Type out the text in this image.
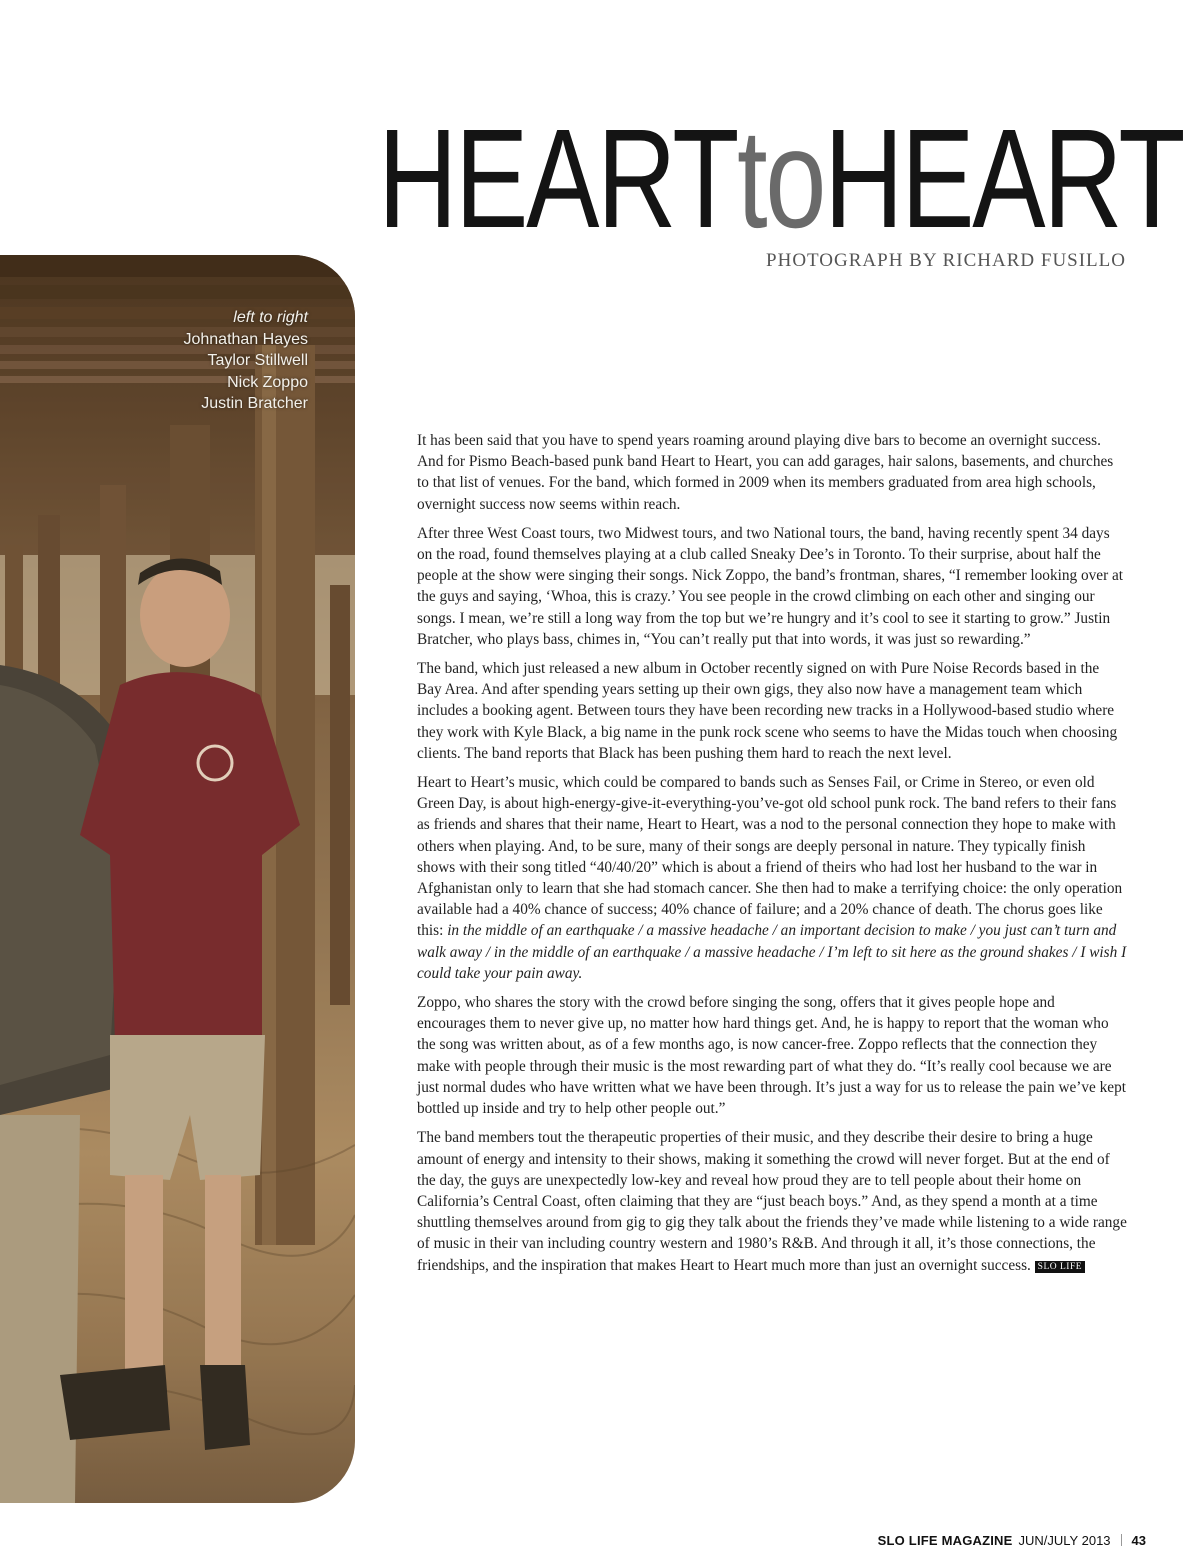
HEARTtoHEART
PHOTOGRAPH BY RICHARD FUSILLO
left to right
Johnathan Hayes
Taylor Stillwell
Nick Zoppo
Justin Bratcher

It has been said that you have to spend years roaming around playing dive bars to become an overnight success. And for Pismo Beach-based punk band Heart to Heart, you can add garages, hair salons, basements, and churches to that list of venues. For the band, which formed in 2009 when its members graduated from area high schools, overnight success now seems within reach.

After three West Coast tours, two Midwest tours, and two National tours, the band, having recently spent 34 days on the road, found themselves playing at a club called Sneaky Dee’s in Toronto. To their surprise, about half the people at the show were singing their songs. Nick Zoppo, the band’s frontman, shares, “I remember looking over at the guys and saying, ‘Whoa, this is crazy.’ You see people in the crowd climbing on each other and singing our songs. I mean, we’re still a long way from the top but we’re hungry and it’s cool to see it starting to grow.” Justin Bratcher, who plays bass, chimes in, “You can’t really put that into words, it was just so rewarding.”

The band, which just released a new album in October recently signed on with Pure Noise Records based in the Bay Area. And after spending years setting up their own gigs, they also now have a management team which includes a booking agent. Between tours they have been recording new tracks in a Hollywood-based studio where they work with Kyle Black, a big name in the punk rock scene who seems to have the Midas touch when choosing clients. The band reports that Black has been pushing them hard to reach the next level.

Heart to Heart’s music, which could be compared to bands such as Senses Fail, or Crime in Stereo, or even old Green Day, is about high-energy-give-it-everything-you’ve-got old school punk rock. The band refers to their fans as friends and shares that their name, Heart to Heart, was a nod to the personal connection they hope to make with others when playing. And, to be sure, many of their songs are deeply personal in nature. They typically finish shows with their song titled “40/40/20” which is about a friend of theirs who had lost her husband to the war in Afghanistan only to learn that she had stomach cancer. She then had to make a terrifying choice: the only operation available had a 40% chance of success; 40% chance of failure; and a 20% chance of death. The chorus goes like this: in the middle of an earthquake / a massive headache / an important decision to make / you just can’t turn and walk away / in the middle of an earthquake / a massive headache / I’m left to sit here as the ground shakes / I wish I could take your pain away.

Zoppo, who shares the story with the crowd before singing the song, offers that it gives people hope and encourages them to never give up, no matter how hard things get. And, he is happy to report that the woman who the song was written about, as of a few months ago, is now cancer-free. Zoppo reflects that the connection they make with people through their music is the most rewarding part of what they do. “It’s really cool because we are just normal dudes who have written what we have been through. It’s just a way for us to release the pain we’ve kept bottled up inside and try to help other people out.”

The band members tout the therapeutic properties of their music, and they describe their desire to bring a huge amount of energy and intensity to their shows, making it something the crowd will never forget. But at the end of the day, the guys are unexpectedly low-key and reveal how proud they are to tell people about their home on California’s Central Coast, often claiming that they are “just beach boys.” And, as they spend a month at a time shuttling themselves around from gig to gig they talk about the friends they’ve made while listening to a wide range of music in their van including country western and 1980’s R&B. And through it all, it’s those connections, the friendships, and the inspiration that makes Heart to Heart much more than just an overnight success. SLO LIFE

SLO LIFE MAGAZINE JUN/JULY 2013 43
